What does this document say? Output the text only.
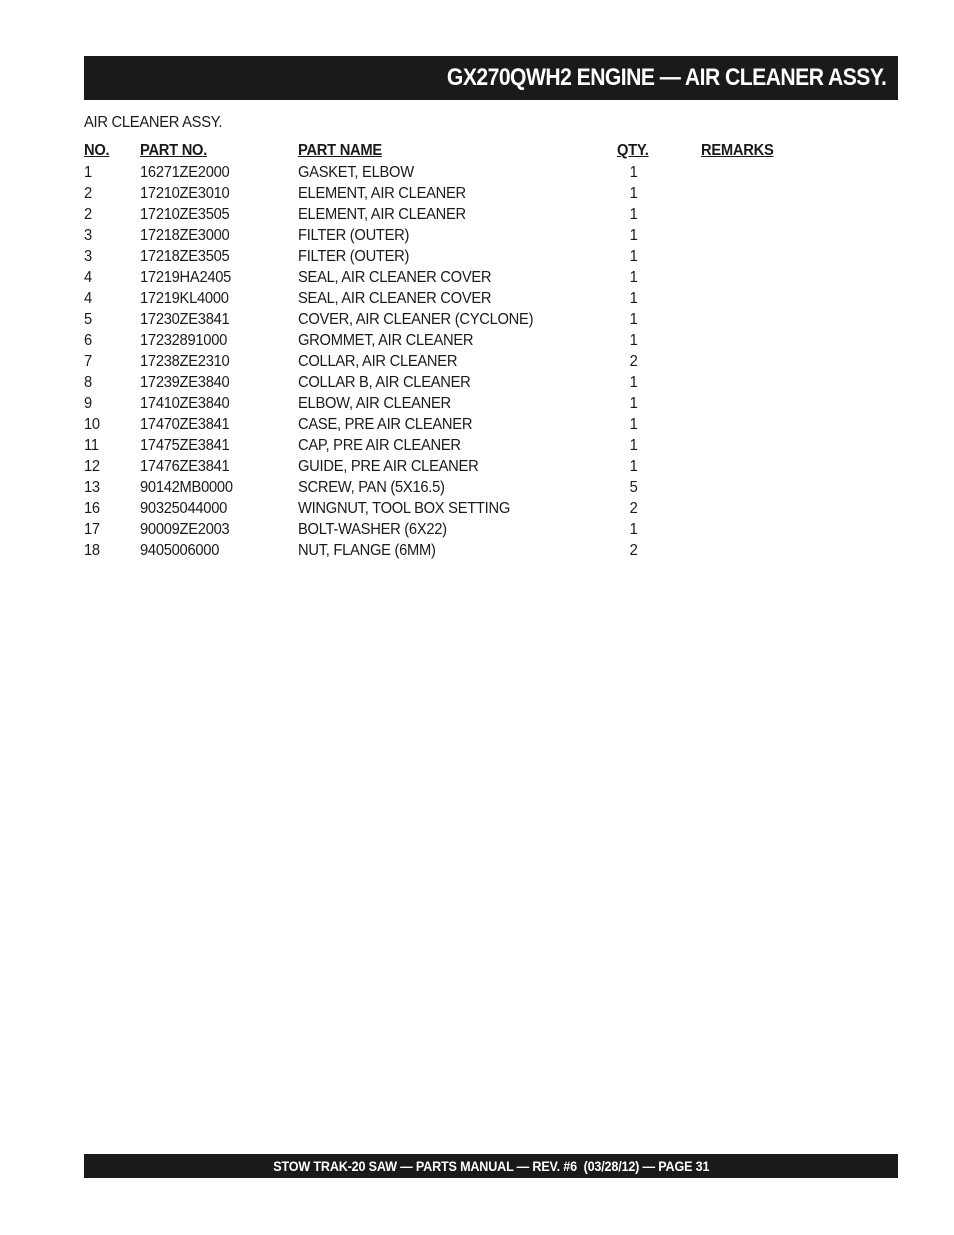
GX270QWH2 ENGINE — AIR CLEANER ASSY.
AIR CLEANER ASSY.
NO. PART NO.	PART NAME	QTY.	REMARKS
1	16271ZE2000	GASKET, ELBOW	1
2	17210ZE3010	ELEMENT, AIR CLEANER	1
2	17210ZE3505	ELEMENT, AIR CLEANER	1
3	17218ZE3000	FILTER (OUTER)	1
3	17218ZE3505	FILTER (OUTER)	1
4	17219HA2405	SEAL, AIR CLEANER COVER	1
4	17219KL4000	SEAL, AIR CLEANER COVER	1
5	17230ZE3841	COVER, AIR CLEANER (CYCLONE)	1
6	17232891000	GROMMET, AIR CLEANER	1
7	17238ZE2310	COLLAR, AIR CLEANER	2
8	17239ZE3840	COLLAR B, AIR CLEANER	1
9	17410ZE3840	ELBOW, AIR CLEANER	1
10	17470ZE3841	CASE, PRE AIR CLEANER	1
11	17475ZE3841	CAP, PRE AIR CLEANER	1
12	17476ZE3841	GUIDE, PRE AIR CLEANER	1
13	90142MB0000	SCREW, PAN (5X16.5)	5
16	90325044000	WINGNUT, TOOL BOX SETTING	2
17	90009ZE2003	BOLT-WASHER (6X22)	1
18	9405006000	NUT, FLANGE (6MM)	2
STOW TRAK-20 SAW — PARTS MANUAL — REV. #6  (03/28/12) — PAGE 31
